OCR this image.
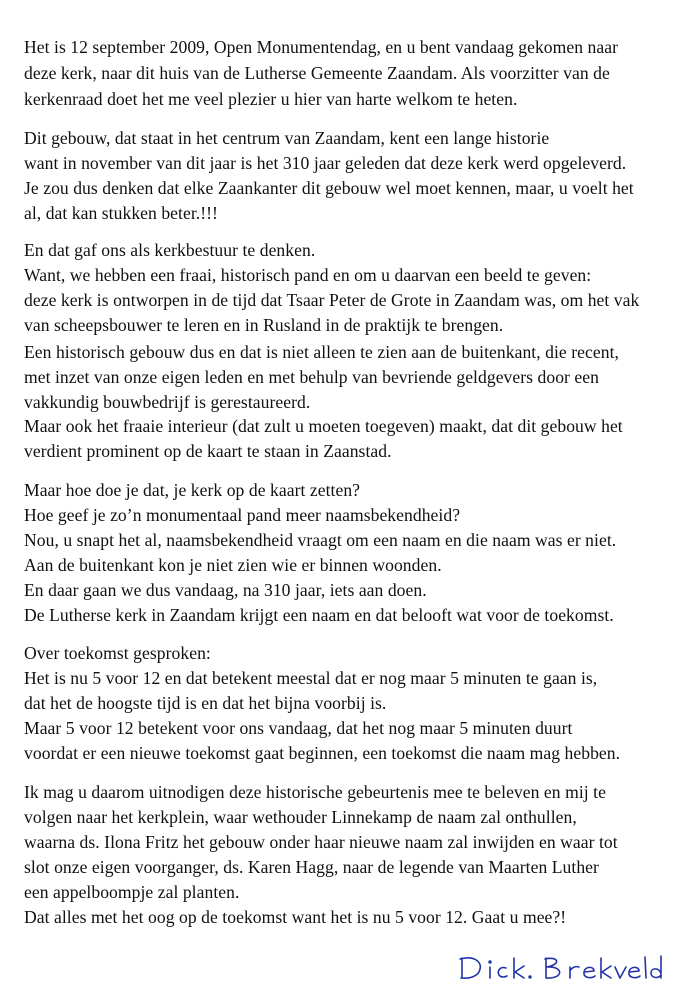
Het is 12 september 2009, Open Monumentendag, en u bent vandaag gekomen naar
deze kerk, naar dit huis van de Lutherse Gemeente Zaandam. Als voorzitter van de
kerkenraad doet het me veel plezier u hier van harte welkom te heten.
Dit gebouw, dat staat in het centrum van Zaandam, kent een lange historie
want in november van dit jaar is het 310 jaar geleden dat deze kerk werd opgeleverd.
Je zou dus denken dat elke Zaankanter dit gebouw wel moet kennen, maar, u voelt het
al, dat kan stukken beter.!!!
En dat gaf ons als kerkbestuur te denken.
Want, we hebben een fraai, historisch pand en om u daarvan een beeld te geven:
deze kerk is ontworpen in de tijd dat Tsaar Peter de Grote in Zaandam was, om het vak
van scheepsbouwer te leren en in Rusland in de praktijk te brengen.
Een historisch gebouw dus en dat is niet alleen te zien aan de buitenkant, die recent,
met inzet van onze eigen leden en met behulp van bevriende geldgevers door een
vakkundig bouwbedrijf is gerestaureerd.
Maar ook het fraaie interieur (dat zult u moeten toegeven) maakt, dat dit gebouw het
verdient prominent op de kaart te staan in Zaanstad.
Maar hoe doe je dat, je kerk op de kaart zetten?
Hoe geef je zo’n monumentaal pand meer naamsbekendheid?
Nou, u snapt het al, naamsbekendheid vraagt om een naam en die naam was er niet.
Aan de buitenkant kon je niet zien wie er binnen woonden.
En daar gaan we dus vandaag, na 310 jaar, iets aan doen.
De Lutherse kerk in Zaandam krijgt een naam en dat belooft wat voor de toekomst.
Over toekomst gesproken:
Het is nu 5 voor 12 en dat betekent meestal dat er nog maar 5 minuten te gaan is,
dat het de hoogste tijd is en dat het bijna voorbij is.
Maar 5 voor 12 betekent voor ons vandaag, dat het nog maar 5 minuten duurt
voordat er een nieuwe toekomst gaat beginnen, een toekomst die naam mag hebben.
Ik mag u daarom uitnodigen deze historische gebeurtenis mee te beleven en mij te
volgen naar het kerkplein, waar wethouder Linnekamp de naam zal onthullen,
waarna ds. Ilona Fritz het gebouw onder haar nieuwe naam zal inwijden en waar tot
slot onze eigen voorganger, ds. Karen Hagg, naar de legende van Maarten Luther
een appelboompje zal planten.
Dat alles met het oog op de toekomst want het is nu 5 voor 12. Gaat u mee?!
